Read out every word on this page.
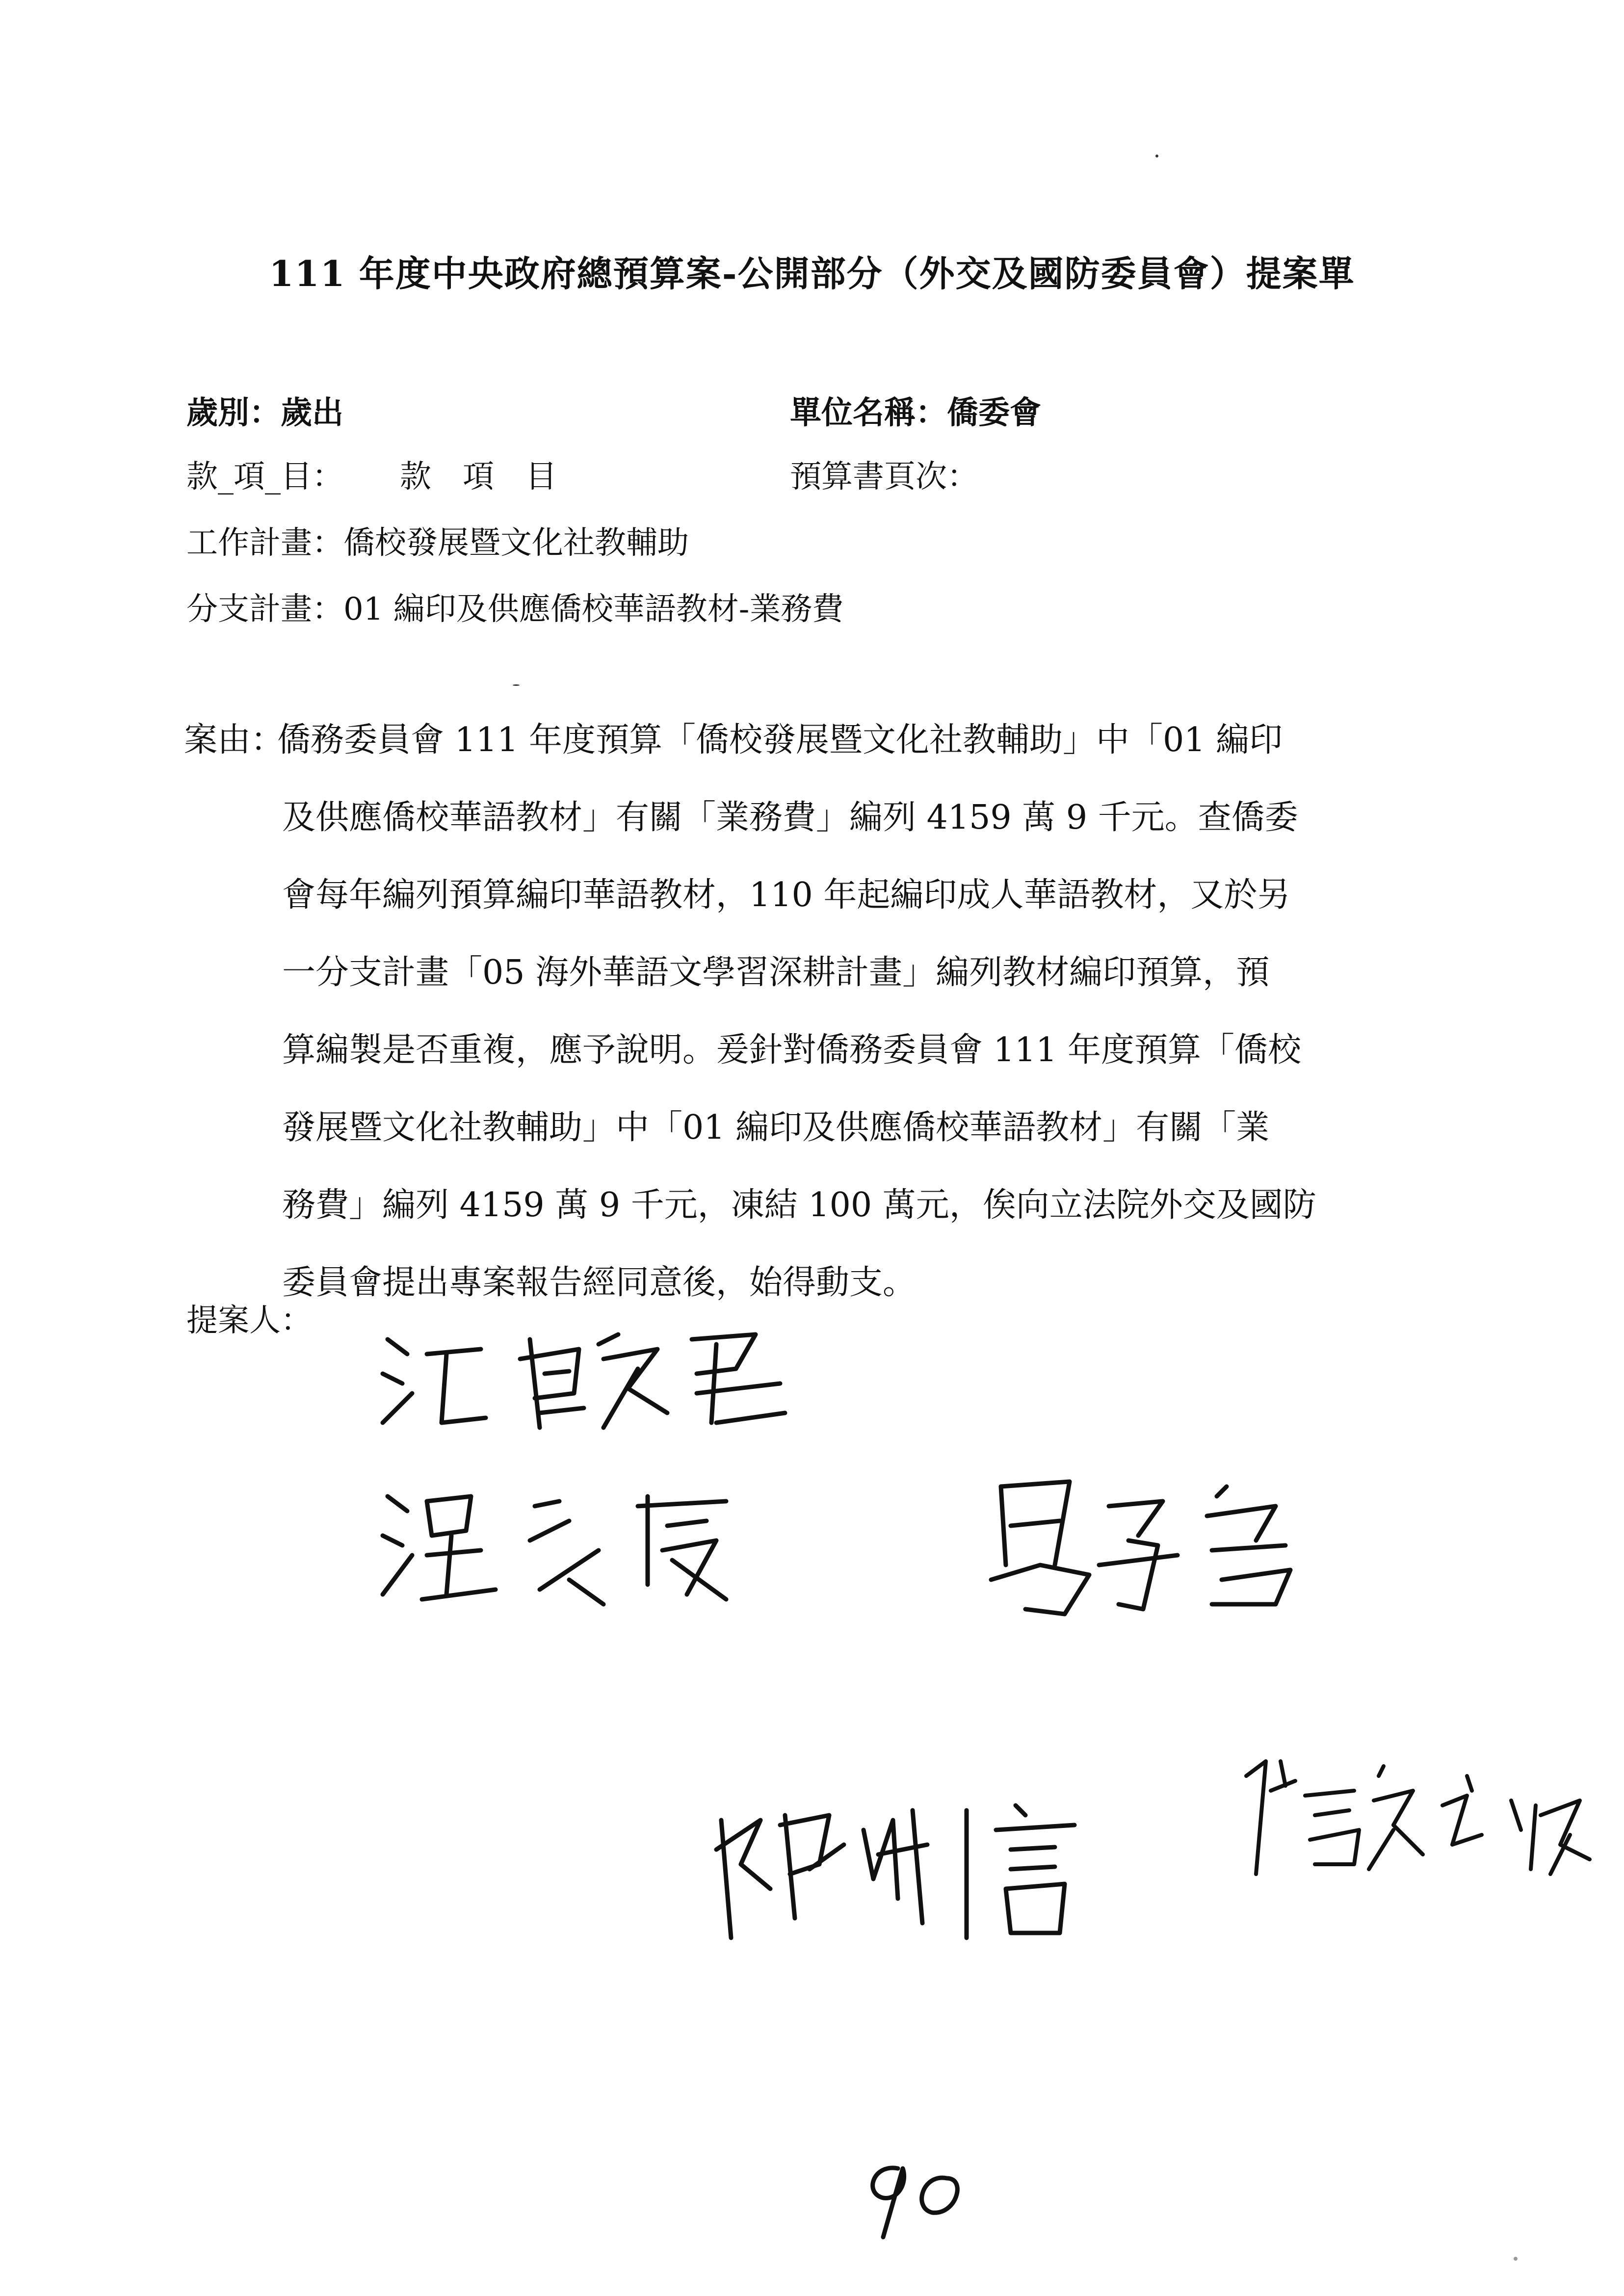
111 年度中央政府總預算案-公開部分（外交及國防委員會）提案單
歲別：歲出	單位名稱：僑委會
款_項_目： 款　項　目	預算書頁次：
工作計畫：僑校發展暨文化社教輔助
分支計畫：01 編印及供應僑校華語教材-業務費
案由：
僑務委員會 111 年度預算「僑校發展暨文化社教輔助」中「01 編印
及供應僑校華語教材」有關「業務費」編列 4159 萬 9 千元。查僑委
會每年編列預算編印華語教材，110 年起編印成人華語教材，又於另
一分支計畫「05 海外華語文學習深耕計畫」編列教材編印預算，預
算編製是否重複，應予說明。爰針對僑務委員會 111 年度預算「僑校
發展暨文化社教輔助」中「01 編印及供應僑校華語教材」有關「業
務費」編列 4159 萬 9 千元，凍結 100 萬元，俟向立法院外交及國防
委員會提出專案報告經同意後，始得動支。
提案人：
